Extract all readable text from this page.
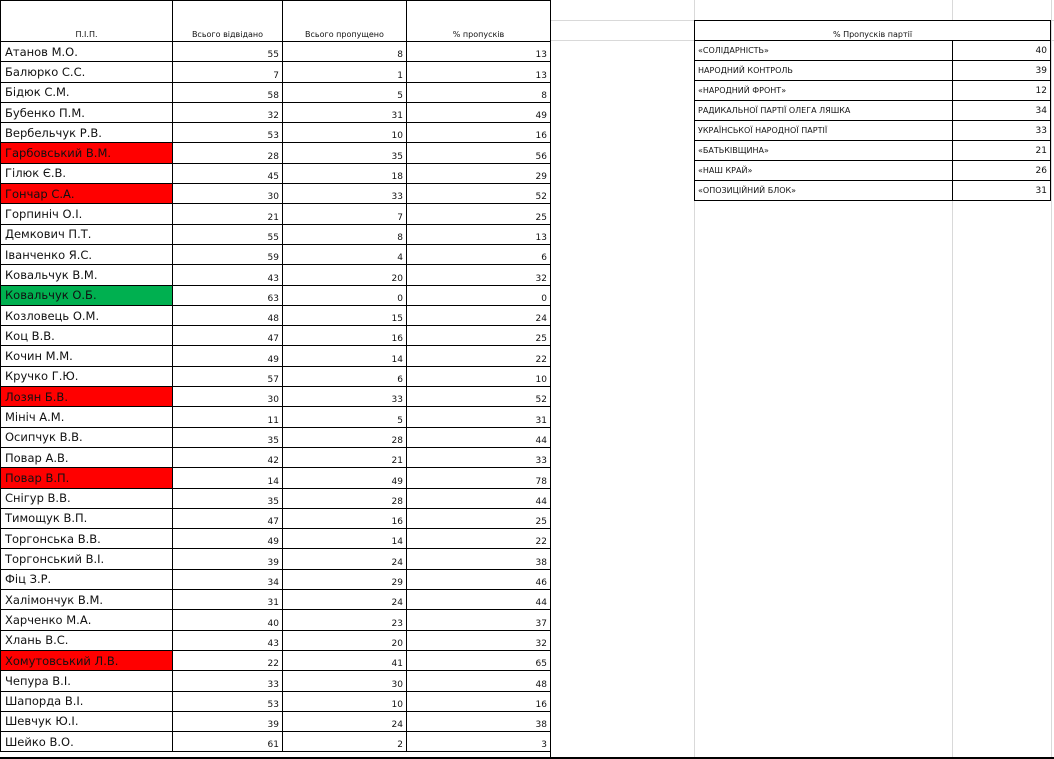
П.І.П.	Всього відвідано	Всього пропущено	% пропусків
Атанов М.О.	55	8	13
Балюрко С.С.	7	1	13
Бідюк С.М.	58	5	8
Бубенко П.М.	32	31	49
Вербельчук Р.В.	53	10	16
Гарбовський В.М.	28	35	56
Гілюк Є.В.	45	18	29
Гончар С.А.	30	33	52
Горпиніч О.І.	21	7	25
Демкович П.Т.	55	8	13
Іванченко Я.С.	59	4	6
Ковальчук В.М.	43	20	32
Ковальчук О.Б.	63	0	0
Козловець О.М.	48	15	24
Коц В.В.	47	16	25
Кочин М.М.	49	14	22
Кручко Г.Ю.	57	6	10
Лозян Б.В.	30	33	52
Мініч А.М.	11	5	31
Осипчук В.В.	35	28	44
Повар А.В.	42	21	33
Повар В.П.	14	49	78
Снігур В.В.	35	28	44
Тимощук В.П.	47	16	25
Торгонська В.В.	49	14	22
Торгонський В.І.	39	24	38
Фіц З.Р.	34	29	46
Халімончук В.М.	31	24	44
Харченко М.А.	40	23	37
Хлань В.С.	43	20	32
Хомутовський Л.В.	22	41	65
Чепура В.І.	33	30	48
Шапорда В.І.	53	10	16
Шевчук Ю.І.	39	24	38
Шейко В.О.	61	2	3
% Пропусків партії	
«СОЛІДАРНІСТЬ»	40
НАРОДНИЙ КОНТРОЛЬ	39
«НАРОДНИЙ ФРОНТ»	12
РАДИКАЛЬНОЇ ПАРТІЇ ОЛЕГА ЛЯШКА	34
УКРАЇНСЬКОЇ НАРОДНОЇ ПАРТІЇ	33
«БАТЬКІВЩИНА»	21
«НАШ КРАЙ»	26
«ОПОЗИЦІЙНИЙ БЛОК»	31
